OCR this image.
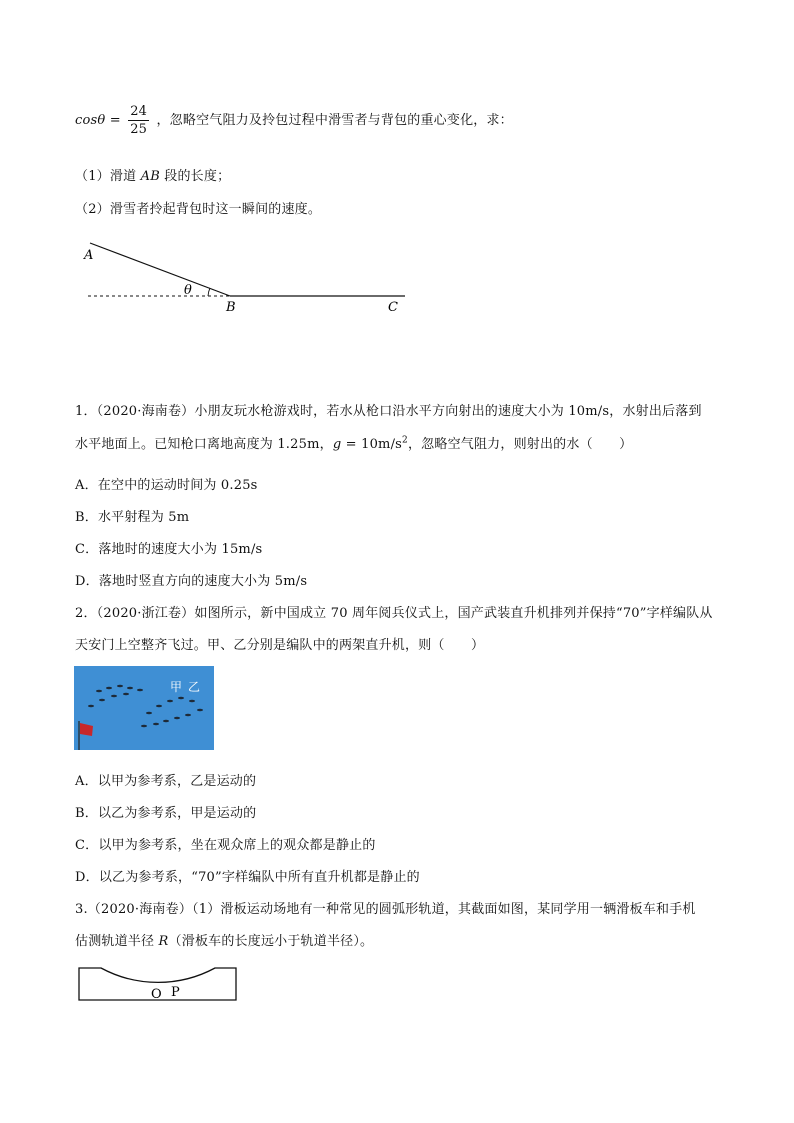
$\cos\theta = \frac{24}{25}$ ，忽略空气阻力及拎包过程中滑雪者与背包的重心变化，求：
（1）滑道 AB 段的长度；
（2）滑雪者拎起背包时这一瞬间的速度。
A
θ
B	C
1．（2020·海南卷）小朋友玩水枪游戏时，若水从枪口沿水平方向射出的速度大小为 10m/s，水射出后落到
水平地面上。已知枪口离地高度为 1.25m，$g = 10m/s^2$，忽略空气阻力，则射出的水（　　）
A．在空中的运动时间为 0.25s
B．水平射程为 5m
C．落地时的速度大小为 15m/s
D．落地时竖直方向的速度大小为 5m/s
2．（2020·浙江卷）如图所示，新中国成立 70 周年阅兵仪式上，国产武装直升机排列并保持“70”字样编队从
天安门上空整齐飞过。甲、乙分别是编队中的两架直升机，则（　　）
甲 乙
A．以甲为参考系，乙是运动的
B．以乙为参考系，甲是运动的
C．以甲为参考系，坐在观众席上的观众都是静止的
D．以乙为参考系，“70”字样编队中所有直升机都是静止的
3.（2020·海南卷）（1）滑板运动场地有一种常见的圆弧形轨道，其截面如图，某同学用一辆滑板车和手机
估测轨道半径 R（滑板车的长度远小于轨道半径）。
O P
